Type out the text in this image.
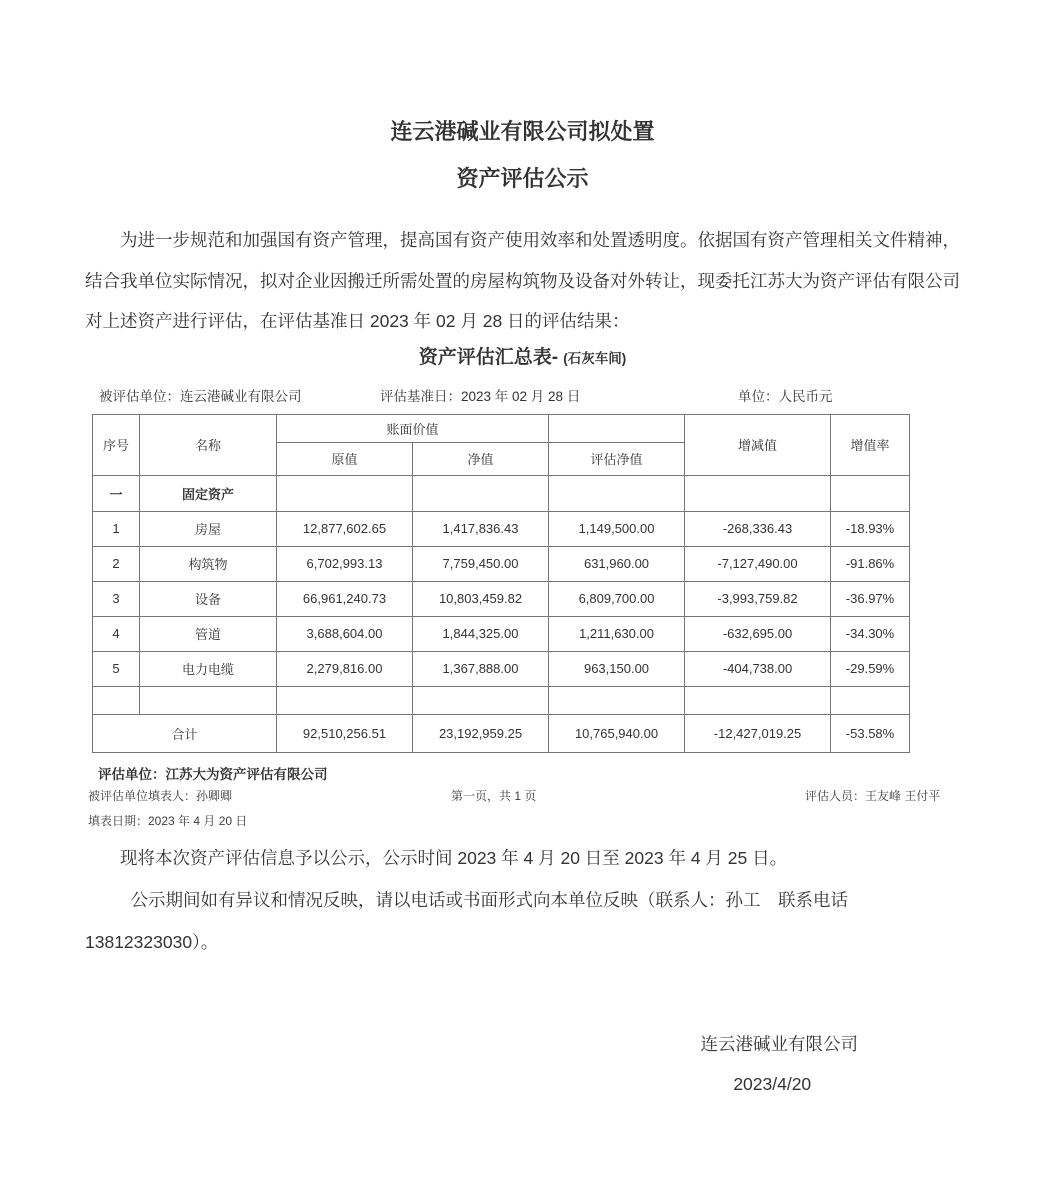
连云港碱业有限公司拟处置
资产评估公示
为进一步规范和加强国有资产管理，提高国有资产使用效率和处置透明度。依据国有资产管理相关文件精神，结合我单位实际情况，拟对企业因搬迁所需处置的房屋构筑物及设备对外转让，现委托江苏大为资产评估有限公司对上述资产进行评估，在评估基准日 2023 年 02 月 28 日的评估结果：
资产评估汇总表- (石灰车间)
被评估单位：连云港碱业有限公司	评估基准日：2023 年 02 月 28 日	单位：人民币元
序号	名称	账面价值			增减值	增值率
		原值	净值	评估净值		
一	固定资产					
1	房屋	12,877,602.65	1,417,836.43	1,149,500.00	-268,336.43	-18.93%
2	构筑物	6,702,993.13	7,759,450.00	631,960.00	-7,127,490.00	-91.86%
3	设备	66,961,240.73	10,803,459.82	6,809,700.00	-3,993,759.82	-36.97%
4	管道	3,688,604.00	1,844,325.00	1,211,630.00	-632,695.00	-34.30%
5	电力电缆	2,279,816.00	1,367,888.00	963,150.00	-404,738.00	-29.59%

合计		92,510,256.51	23,192,959.25	10,765,940.00	-12,427,019.25	-53.58%
评估单位：江苏大为资产评估有限公司
被评估单位填表人：孙卿卿	第一页，共 1 页	评估人员：王友峰 王付平
填表日期：2023 年 4 月 20 日
现将本次资产评估信息予以公示，公示时间 2023 年 4 月 20 日至 2023 年 4 月 25 日。
公示期间如有异议和情况反映，请以电话或书面形式向本单位反映（联系人：孙工　联系电话
13812323030）。
连云港碱业有限公司
2023/4/20
